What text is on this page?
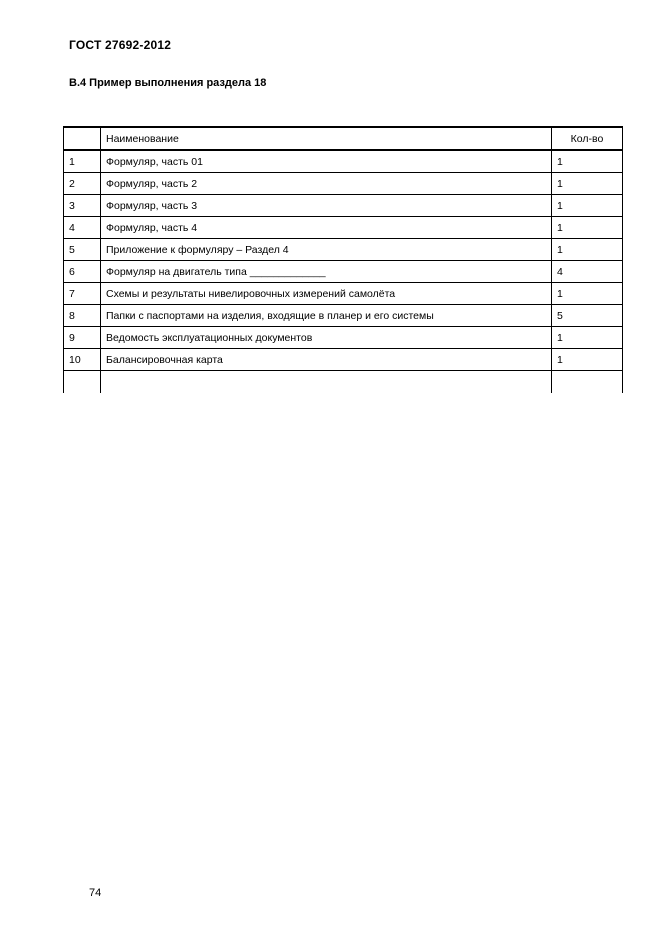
ГОСТ 27692-2012
В.4 Пример выполнения раздела 18
	Наименование	Кол-во
1	Формуляр, часть 01	1
2	Формуляр, часть 2	1
3	Формуляр, часть 3	1
4	Формуляр, часть 4	1
5	Приложение к формуляру – Раздел 4	1
6	Формуляр на двигатель типа _____________	4
7	Схемы и результаты нивелировочных измерений самолёта	1
8	Папки с паспортами на изделия, входящие в планер и его системы	5
9	Ведомость эксплуатационных документов	1
10	Балансировочная карта	1

74
